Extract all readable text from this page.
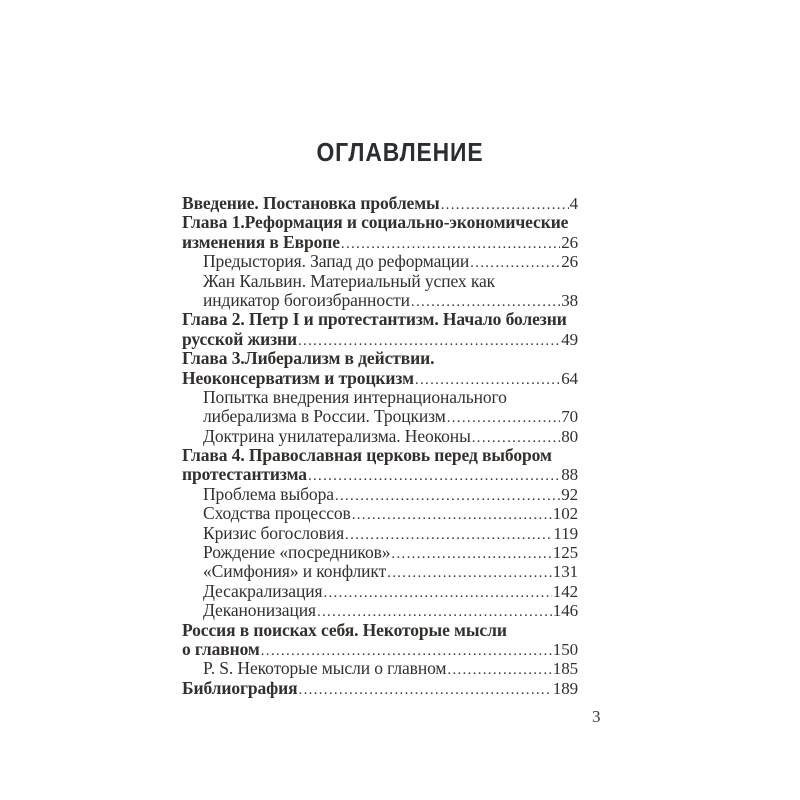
ОГЛАВЛЕНИЕ
Введение. Постановка проблемы .....	4
Глава 1.Реформация и социально-экономические
изменения в Европе .....	26
Предыстория. Запад до реформации .....	26
Жан Кальвин. Материальный успех как
индикатор богоизбранности .....	38
Глава 2. Петр I и протестантизм. Начало болезни
русской жизни .....	49
Глава 3.Либерализм в действии.
Неоконсерватизм и троцкизм .....	64
Попытка внедрения интернационального
либерализма в России. Троцкизм .....	70
Доктрина унилатерализма. Неоконы .....	80
Глава 4. Православная церковь перед выбором
протестантизма .....	88
Проблема выбора .....	92
Сходства процессов .....	102
Кризис богословия .....	119
Рождение «посредников» .....	125
«Симфония» и конфликт .....	131
Десакрализация .....	142
Деканонизация .....	146
Россия в поисках себя. Некоторые мысли
о главном .....	150
P. S. Некоторые мысли о главном .....	185
Библиография .....	189
3
